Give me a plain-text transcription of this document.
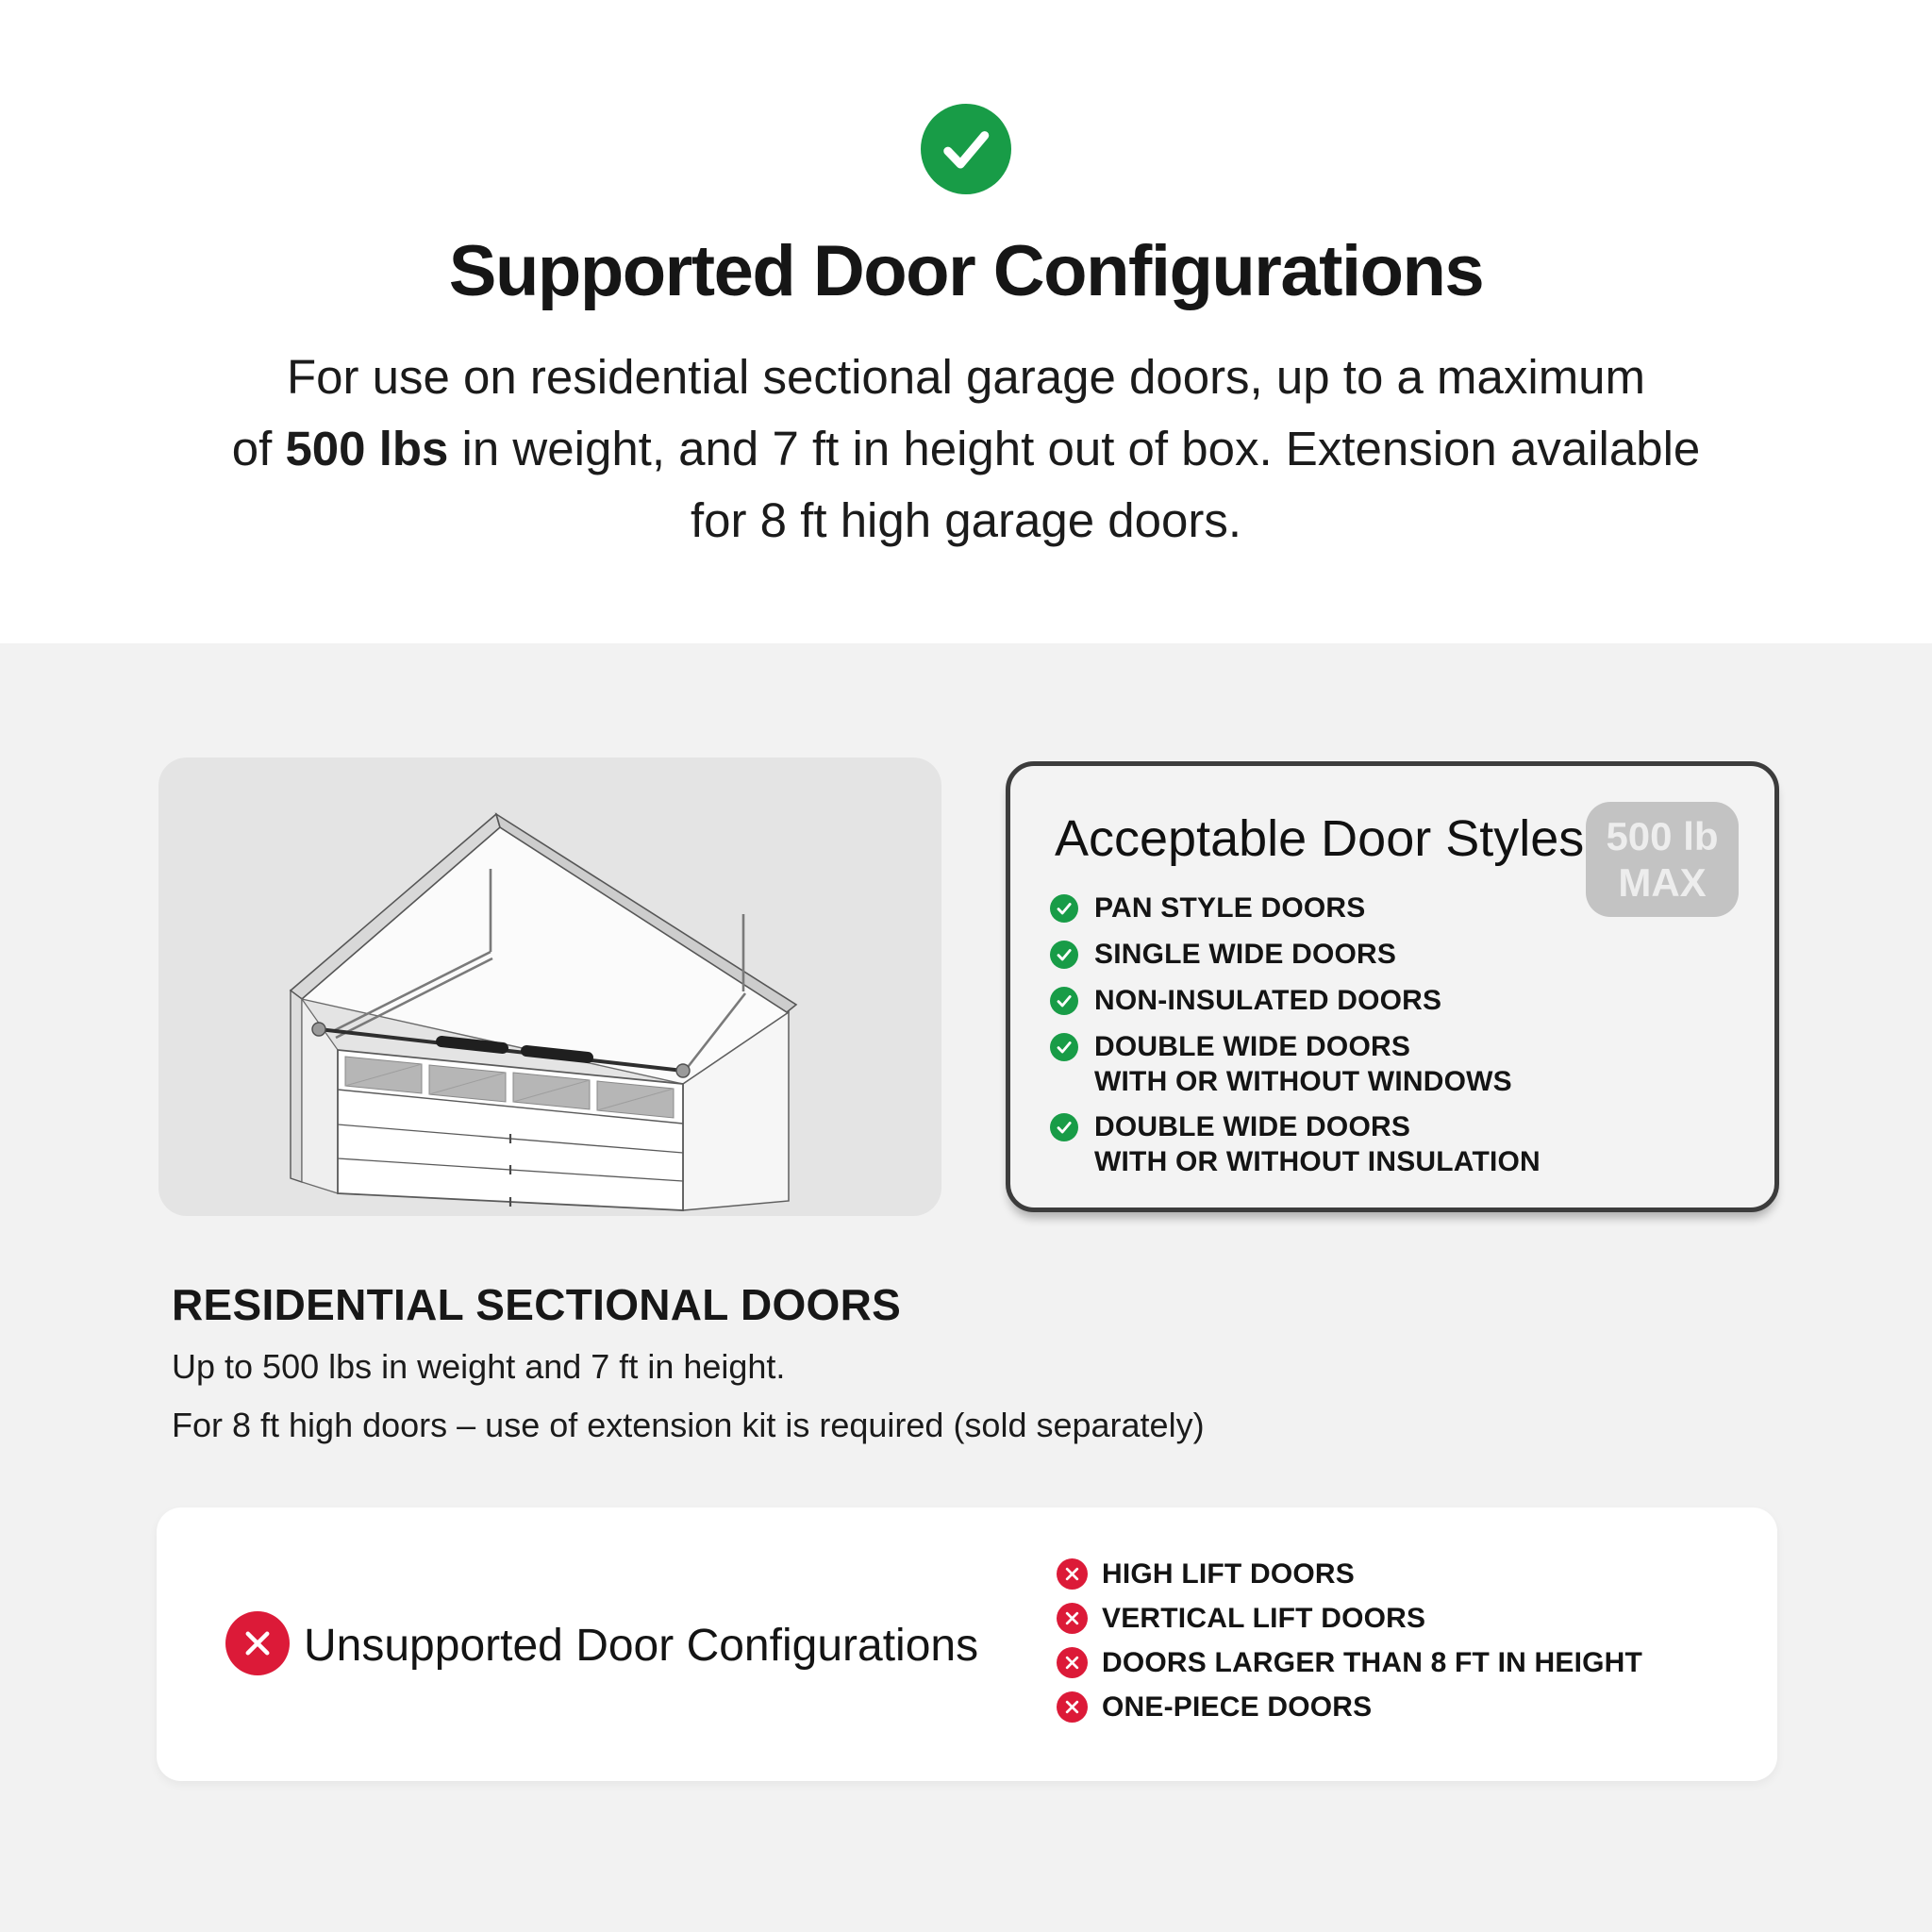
Supported Door Configurations
For use on residential sectional garage doors, up to a maximum
of 500 lbs in weight, and 7 ft in height out of box. Extension available
for 8 ft high garage doors.
Acceptable Door Styles 500 lb
MAX
PAN STYLE DOORS
SINGLE WIDE DOORS
NON-INSULATED DOORS
DOUBLE WIDE DOORS
WITH OR WITHOUT WINDOWS
DOUBLE WIDE DOORS
WITH OR WITHOUT INSULATION
RESIDENTIAL SECTIONAL DOORS
Up to 500 lbs in weight and 7 ft in height.
For 8 ft high doors – use of extension kit is required (sold separately)
Unsupported Door Configurations
HIGH LIFT DOORS
VERTICAL LIFT DOORS
DOORS LARGER THAN 8 FT IN HEIGHT
ONE-PIECE DOORS
